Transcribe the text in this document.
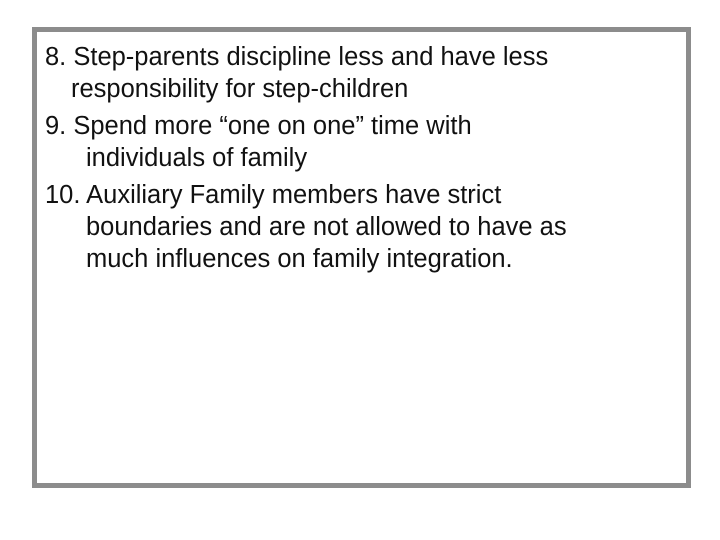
8. Step-parents discipline less and have less
responsibility for step-children
9. Spend more “one on one” time with
individuals of family
10. Auxiliary Family members have strict
boundaries and are not allowed to have as
much influences on family integration.
